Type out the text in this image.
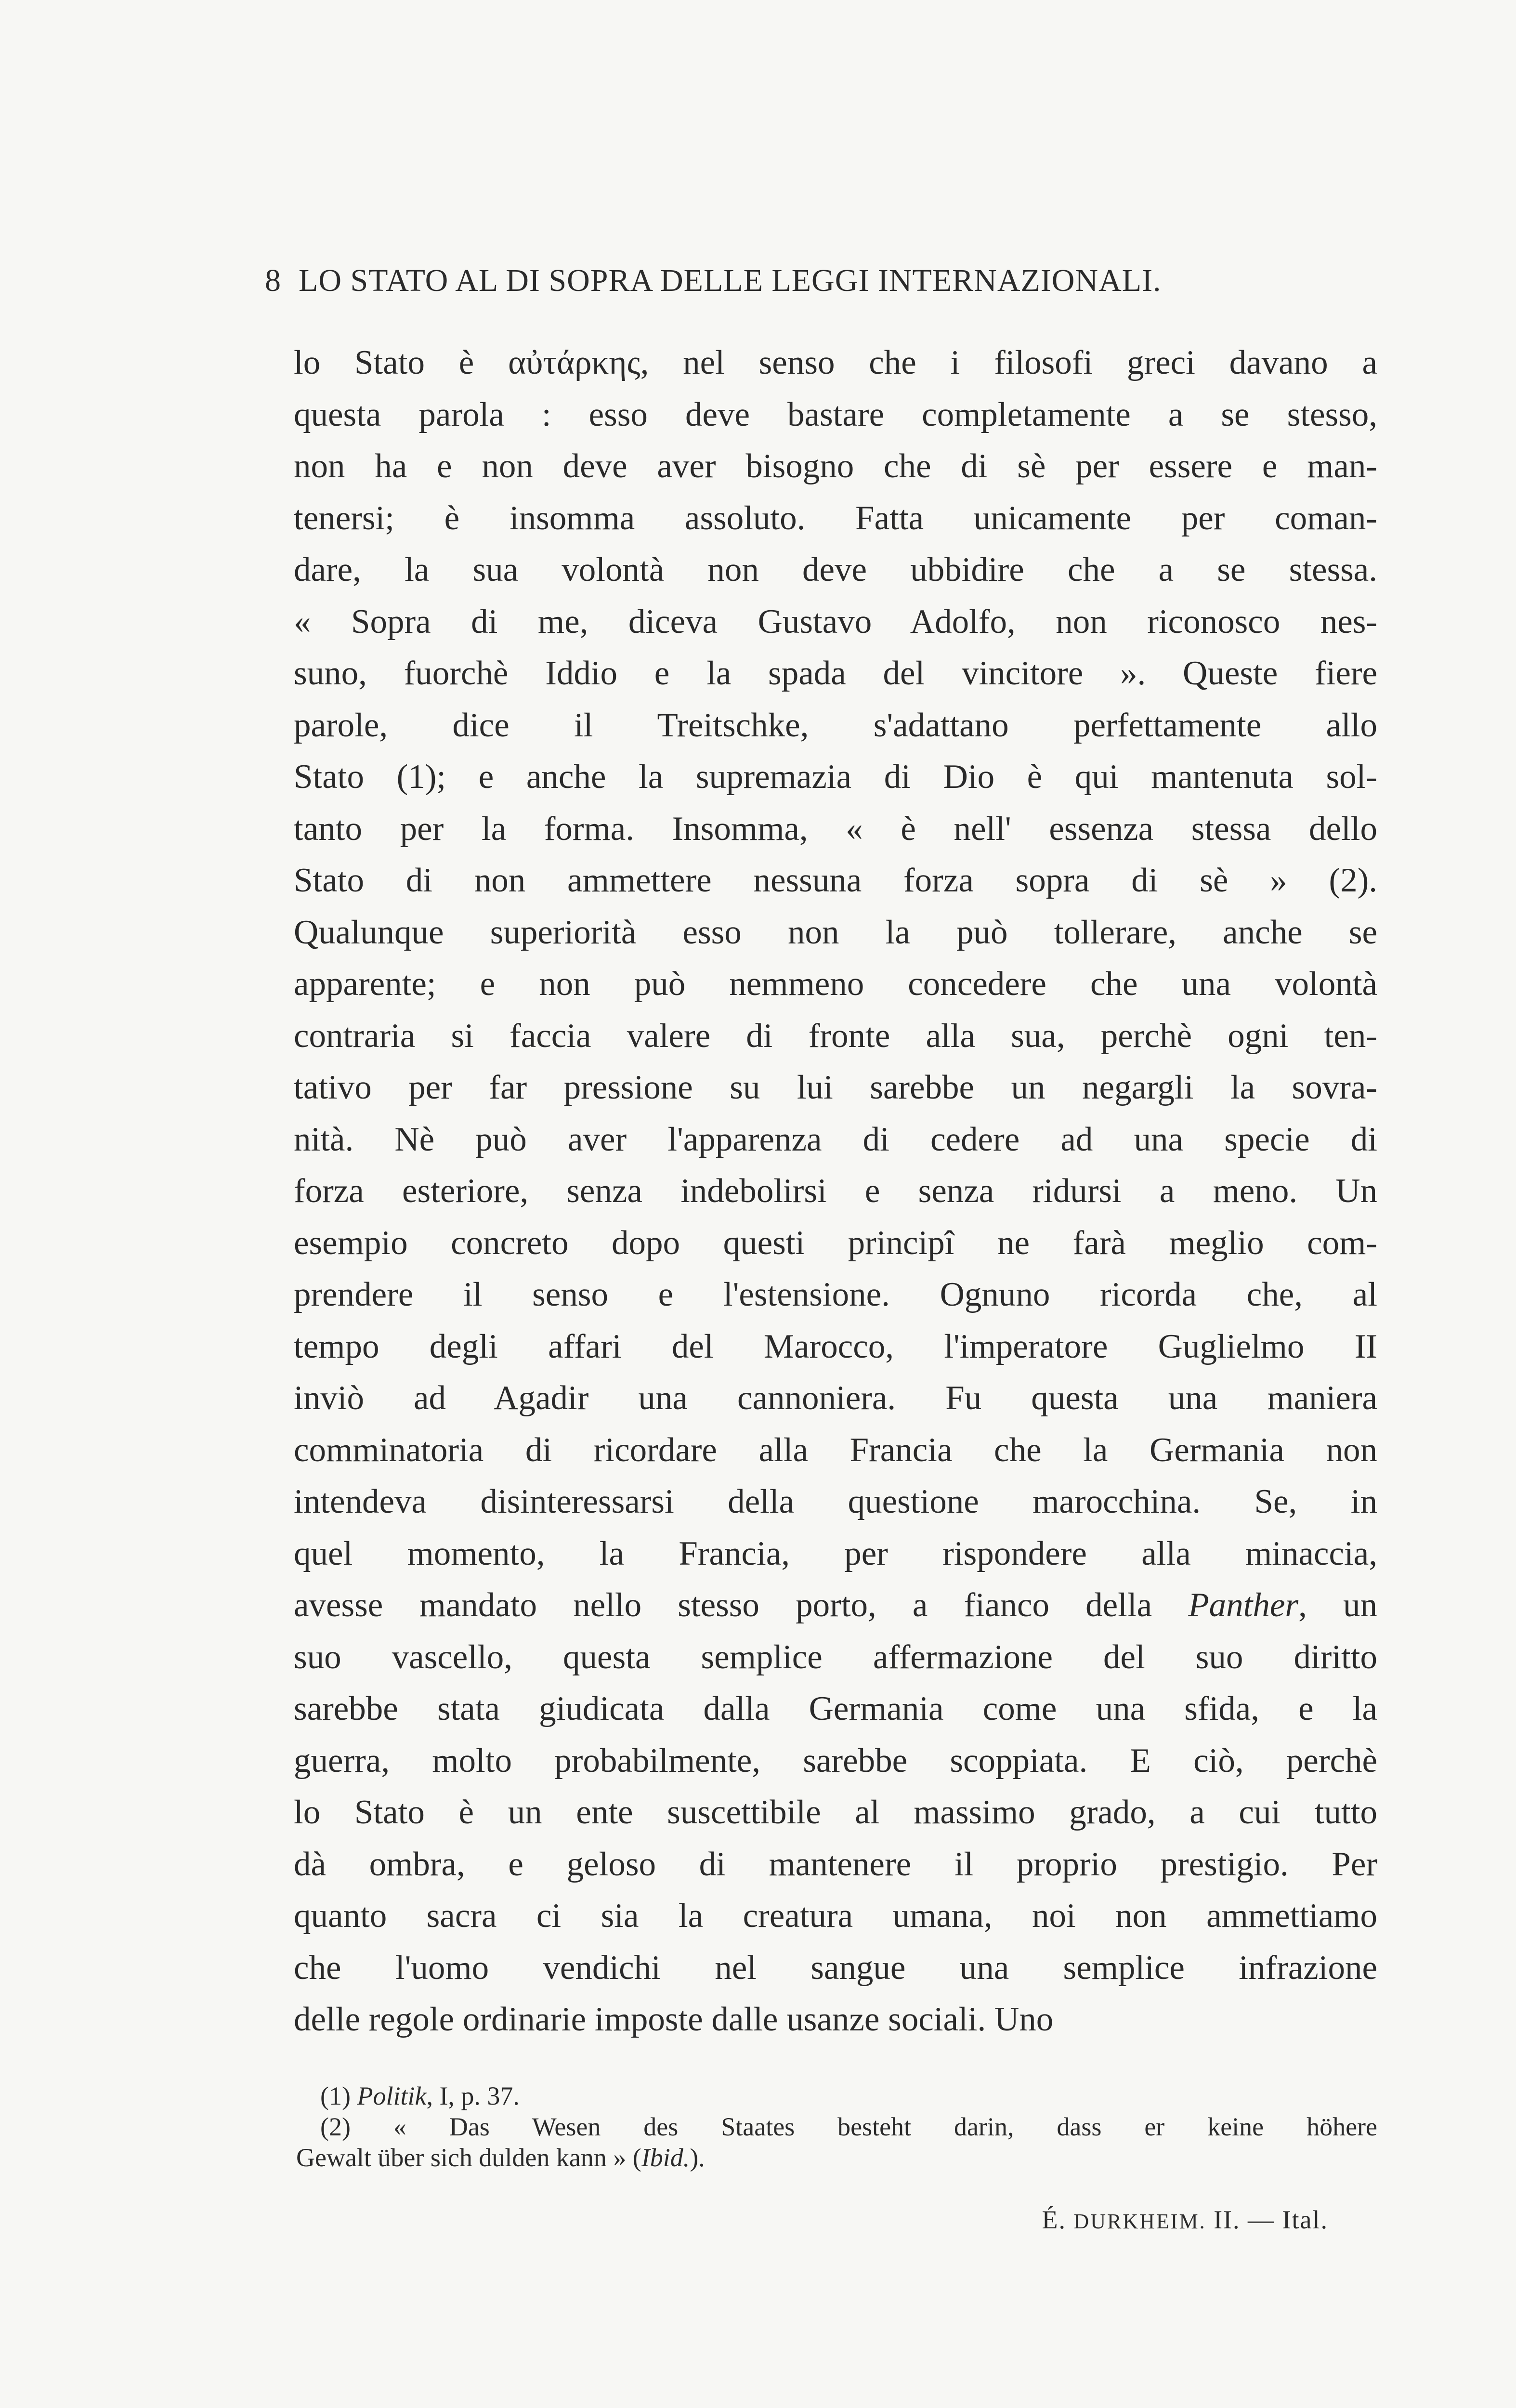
8 LO STATO AL DI SOPRA DELLE LEGGI INTERNAZIONALI.
lo Stato è αὐτάρκης, nel senso che i filosofi greci davano a
questa parola : esso deve bastare completamente a se stesso,
non ha e non deve aver bisogno che di sè per essere e man-
tenersi; è insomma assoluto. Fatta unicamente per coman-
dare, la sua volontà non deve ubbidire che a se stessa.
« Sopra di me, diceva Gustavo Adolfo, non riconosco nes-
suno, fuorchè Iddio e la spada del vincitore ». Queste fiere
parole, dice il Treitschke, s'adattano perfettamente allo
Stato (1); e anche la supremazia di Dio è qui mantenuta sol-
tanto per la forma. Insomma, « è nell' essenza stessa dello
Stato di non ammettere nessuna forza sopra di sè » (2).
Qualunque superiorità esso non la può tollerare, anche se
apparente; e non può nemmeno concedere che una volontà
contraria si faccia valere di fronte alla sua, perchè ogni ten-
tativo per far pressione su lui sarebbe un negargli la sovra-
nità. Nè può aver l'apparenza di cedere ad una specie di
forza esteriore, senza indebolirsi e senza ridursi a meno. Un
esempio concreto dopo questi principî ne farà meglio com-
prendere il senso e l'estensione. Ognuno ricorda che, al
tempo degli affari del Marocco, l'imperatore Guglielmo II
inviò ad Agadir una cannoniera. Fu questa una maniera
comminatoria di ricordare alla Francia che la Germania non
intendeva disinteressarsi della questione marocchina. Se, in
quel momento, la Francia, per rispondere alla minaccia,
avesse mandato nello stesso porto, a fianco della Panther, un
suo vascello, questa semplice affermazione del suo diritto
sarebbe stata giudicata dalla Germania come una sfida, e la
guerra, molto probabilmente, sarebbe scoppiata. E ciò, perchè
lo Stato è un ente suscettibile al massimo grado, a cui tutto
dà ombra, e geloso di mantenere il proprio prestigio. Per
quanto sacra ci sia la creatura umana, noi non ammettiamo
che l'uomo vendichi nel sangue una semplice infrazione
delle regole ordinarie imposte dalle usanze sociali. Uno
(1) Politik, I, p. 37.
(2) « Das Wesen des Staates besteht darin, dass er keine höhere
Gewalt über sich dulden kann » (Ibid.).
É. DURKHEIM. II. — Ital.
